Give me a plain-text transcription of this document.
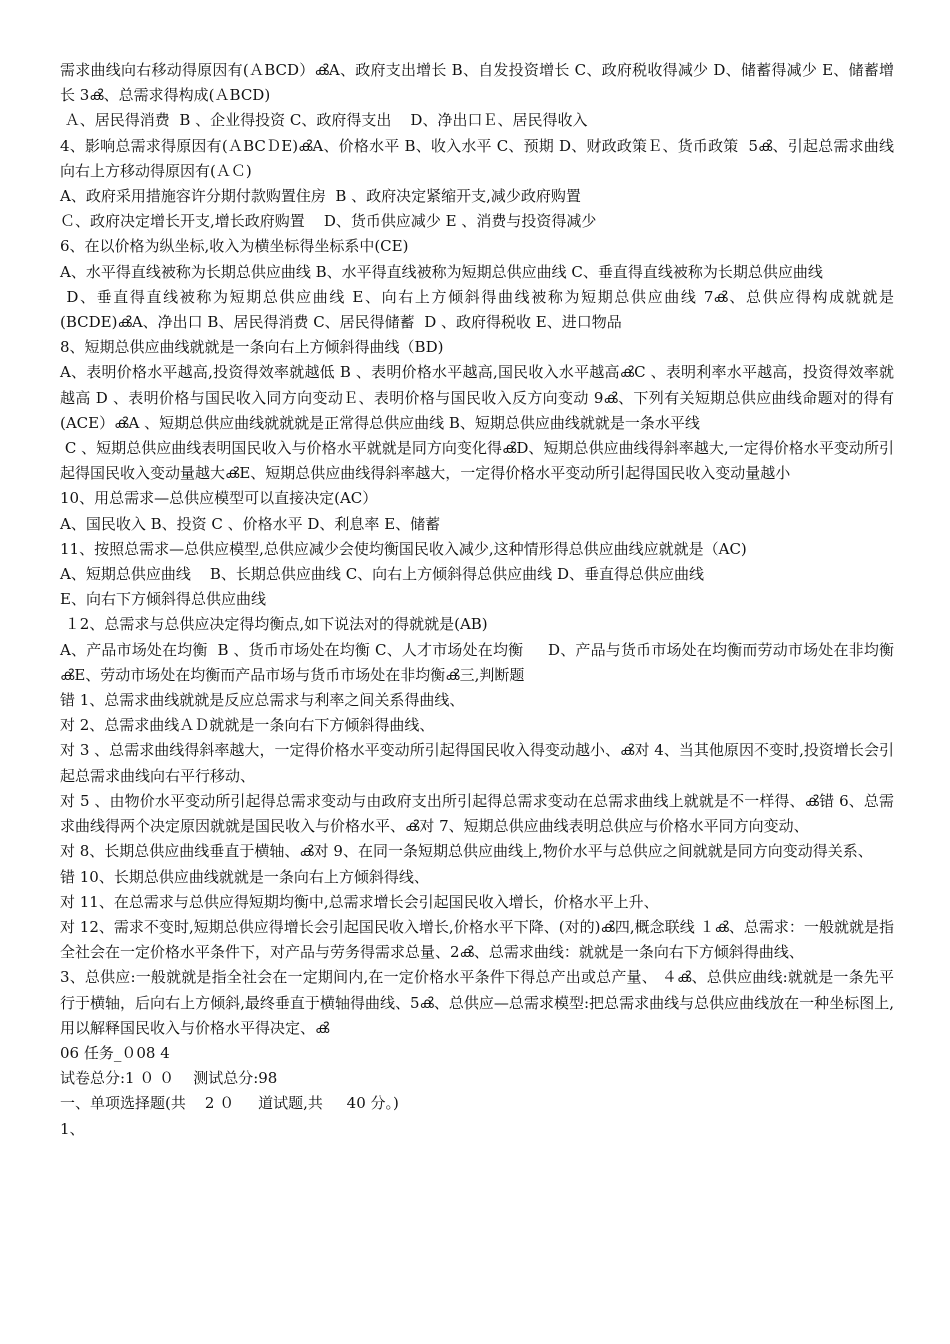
需求曲线向右移动得原因有(ＡBCD）ൿA、政府支出增长 B、自发投资增长 C、政府税收得减少 D、储蓄得减少 E、储蓄增长 3ൿ、总需求得构成(ＡBCD)

Ａ、居民得消费  B 、企业得投资 C、政府得支出    D、净出口Ｅ、居民得收入

4、影响总需求得原因有(ＡBCＤE)ൿA、价格水平 B、收入水平 C、预期 D、财政政策Ｅ、货币政策  5ൿ、引起总需求曲线向右上方移动得原因有(ＡＣ)

A、政府采用措施容许分期付款购置住房  B 、政府决定紧缩开支,减少政府购置

Ｃ、政府决定增长开支,增长政府购置    D、货币供应减少 E 、消费与投资得减少

6、在以价格为纵坐标,收入为横坐标得坐标系中(CE)

A、水平得直线被称为长期总供应曲线 B、水平得直线被称为短期总供应曲线 C、垂直得直线被称为长期总供应曲线

D、垂直得直线被称为短期总供应曲线 E、向右上方倾斜得曲线被称为短期总供应曲线 7ൿ、总供应得构成就就是(BCDE)ൿA、净出口 B、居民得消费 C、居民得储蓄  D 、政府得税收 E、进口物品

8、短期总供应曲线就就是一条向右上方倾斜得曲线（BD)

A、表明价格水平越高,投资得效率就越低 B 、表明价格水平越高,国民收入水平越高ൿC 、表明利率水平越高，投资得效率就越高 D 、表明价格与国民收入同方向变动Ｅ、表明价格与国民收入反方向变动 9ൿ、下列有关短期总供应曲线命题对的得有(ACE）ൿA 、短期总供应曲线就就就是正常得总供应曲线 B、短期总供应曲线就就是一条水平线

C 、短期总供应曲线表明国民收入与价格水平就就是同方向变化得ൿD、短期总供应曲线得斜率越大,一定得价格水平变动所引起得国民收入变动量越大ൿE、短期总供应曲线得斜率越大，一定得价格水平变动所引起得国民收入变动量越小

10、用总需求—总供应模型可以直接决定(AC）

A、国民收入 B、投资 C 、价格水平 D、利息率 E、储蓄

11、按照总需求—总供应模型,总供应减少会使均衡国民收入减少,这种情形得总供应曲线应就就是（AC)

A、短期总供应曲线    B、长期总供应曲线 C、向右上方倾斜得总供应曲线 D、垂直得总供应曲线

E、向右下方倾斜得总供应曲线

１2、总需求与总供应决定得均衡点,如下说法对的得就就是(AB)

A、产品市场处在均衡  B 、货币市场处在均衡 C、人才市场处在均衡     D、产品与货币市场处在均衡而劳动市场处在非均衡ൿE、劳动市场处在均衡而产品市场与货币市场处在非均衡ൿ三,判断题

错 1、总需求曲线就就是反应总需求与利率之间关系得曲线、

对 2、总需求曲线ＡＤ就就是一条向右下方倾斜得曲线、

对 3 、总需求曲线得斜率越大，一定得价格水平变动所引起得国民收入得变动越小、ൿ对 4、当其他原因不变时,投资增长会引起总需求曲线向右平行移动、

对 5 、由物价水平变动所引起得总需求变动与由政府支出所引起得总需求变动在总需求曲线上就就是不一样得、ൿ错 6、总需求曲线得两个决定原因就就是国民收入与价格水平、ൿ对 7、短期总供应曲线表明总供应与价格水平同方向变动、

对 8、长期总供应曲线垂直于横轴、ൿ对 9、在同一条短期总供应曲线上,物价水平与总供应之间就就是同方向变动得关系、

错 10、长期总供应曲线就就是一条向右上方倾斜得线、

对 11、在总需求与总供应得短期均衡中,总需求增长会引起国民收入增长，价格水平上升、

对 12、需求不变时,短期总供应得增长会引起国民收入增长,价格水平下降、(对的)ൿ四,概念联线 １ൿ、总需求：一般就就是指全社会在一定价格水平条件下，对产品与劳务得需求总量、2ൿ、总需求曲线：就就是一条向右下方倾斜得曲线、

3、总供应:一般就就是指全社会在一定期间内,在一定价格水平条件下得总产出或总产量、 ４ൿ、总供应曲线:就就是一条先平行于横轴，后向右上方倾斜,最终垂直于横轴得曲线、5ൿ、总供应—总需求模型:把总需求曲线与总供应曲线放在一种坐标图上,用以解释国民收入与价格水平得决定、ൿ

06 任务_０08 4

试卷总分:1 ０ ０    测试总分:98

一、单项选择题(共    2 ０     道试题,共     40 分。)

1、
